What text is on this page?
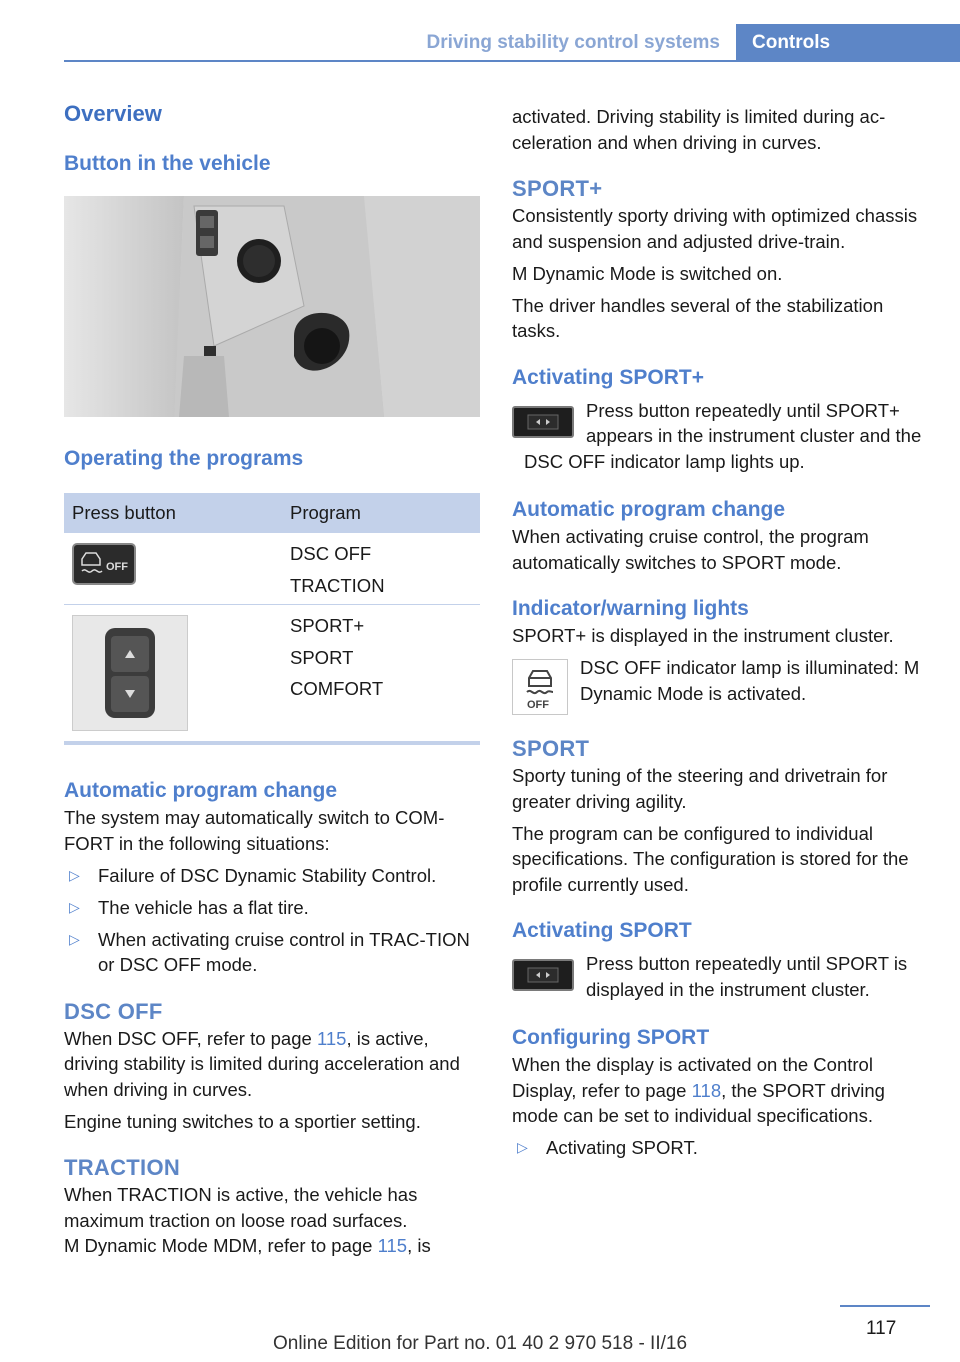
Driving stability control systems	Controls
Overview
Button in the vehicle
Operating the programs
Press button	Program
OFF
DSC OFF
TRACTION
SPORT+
SPORT
COMFORT
Automatic program change
The system may automatically switch to COM‐FORT in the following situations:
▷ Failure of DSC Dynamic Stability Control.
▷ The vehicle has a flat tire.
▷ When activating cruise control in TRAC‐TION or DSC OFF mode.
DSC OFF
When DSC OFF, refer to page 115, is active, driving stability is limited during acceleration and when driving in curves.
Engine tuning switches to a sportier setting.
TRACTION
When TRACTION is active, the vehicle has maximum traction on loose road surfaces.
M Dynamic Mode MDM, refer to page 115, is
activated. Driving stability is limited during ac‐celeration and when driving in curves.
SPORT+
Consistently sporty driving with optimized chassis and suspension and adjusted drive‐train.
M Dynamic Mode is switched on.
The driver handles several of the stabilization tasks.
Activating SPORT+
Press button repeatedly until SPORT+ appears in the instrument cluster and the DSC OFF indicator lamp lights up.
Automatic program change
When activating cruise control, the program automatically switches to SPORT mode.
Indicator/warning lights
SPORT+ is displayed in the instrument cluster.
OFF
DSC OFF indicator lamp is illuminated: M Dynamic Mode is activated.
SPORT
Sporty tuning of the steering and drivetrain for greater driving agility.
The program can be configured to individual specifications. The configuration is stored for the profile currently used.
Activating SPORT
Press button repeatedly until SPORT is displayed in the instrument cluster.
Configuring SPORT
When the display is activated on the Control Display, refer to page 118, the SPORT driving mode can be set to individual specifications.
▷ Activating SPORT.
117
Online Edition for Part no. 01 40 2 970 518 - II/16
